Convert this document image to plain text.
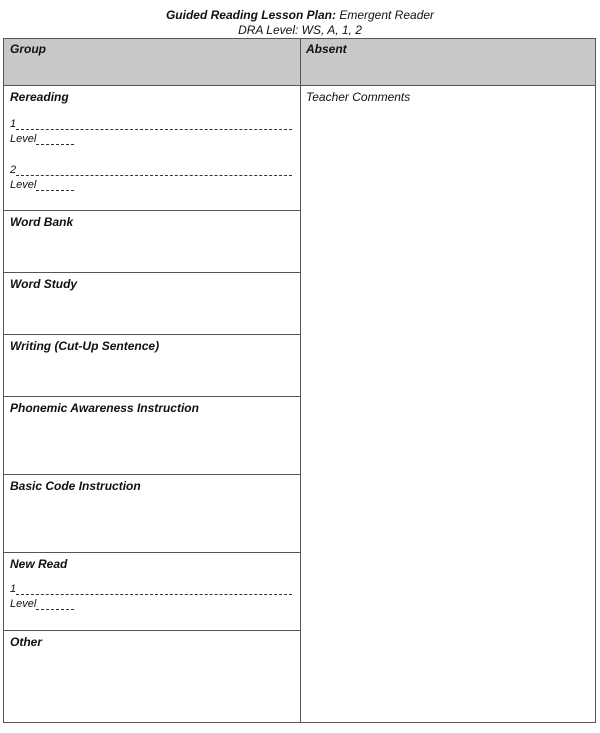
Guided Reading Lesson Plan: Emergent Reader
DRA Level: WS, A, 1, 2
Group	Absent
Teacher Comments
Rereading
1
Level
2
Level
Word Bank
Word Study
Writing (Cut-Up Sentence)
Phonemic Awareness Instruction
Basic Code Instruction
New Read
1
Level
Other
